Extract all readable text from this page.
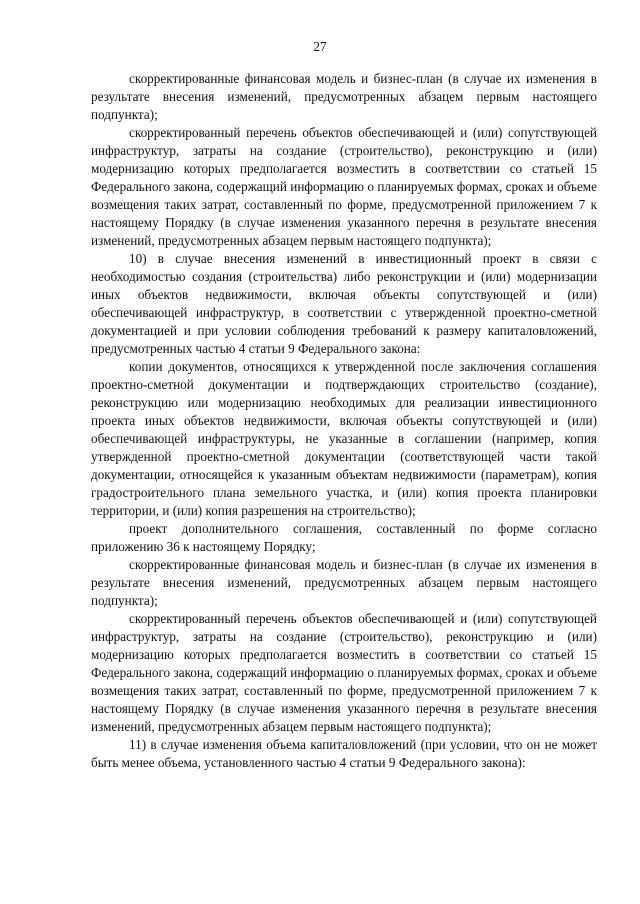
27

скорректированные финансовая модель и бизнес-план (в случае их изменения в результате внесения изменений, предусмотренных абзацем первым настоящего подпункта);

скорректированный перечень объектов обеспечивающей и (или) сопутствующей инфраструктур, затраты на создание (строительство), реконструкцию и (или) модернизацию которых предполагается возместить в соответствии со статьей 15 Федерального закона, содержащий информацию о планируемых формах, сроках и объеме возмещения таких затрат, составленный по форме, предусмотренной приложением 7 к настоящему Порядку (в случае изменения указанного перечня в результате внесения изменений, предусмотренных абзацем первым настоящего подпункта);

10) в случае внесения изменений в инвестиционный проект в связи с необходимостью создания (строительства) либо реконструкции и (или) модернизации иных объектов недвижимости, включая объекты сопутствующей и (или) обеспечивающей инфраструктур, в соответствии с утвержденной проектно-сметной документацией и при условии соблюдения требований к размеру капиталовложений, предусмотренных частью 4 статьи 9 Федерального закона:

копии документов, относящихся к утвержденной после заключения соглашения проектно-сметной документации и подтверждающих строительство (создание), реконструкцию или модернизацию необходимых для реализации инвестиционного проекта иных объектов недвижимости, включая объекты сопутствующей и (или) обеспечивающей инфраструктуры, не указанные в соглашении (например, копия утвержденной проектно-сметной документации (соответствующей части такой документации, относящейся к указанным объектам недвижимости (параметрам), копия градостроительного плана земельного участка, и (или) копия проекта планировки территории, и (или) копия разрешения на строительство);

проект дополнительного соглашения, составленный по форме согласно приложению 36 к настоящему Порядку;

скорректированные финансовая модель и бизнес-план (в случае их изменения в результате внесения изменений, предусмотренных абзацем первым настоящего подпункта);

скорректированный перечень объектов обеспечивающей и (или) сопутствующей инфраструктур, затраты на создание (строительство), реконструкцию и (или) модернизацию которых предполагается возместить в соответствии со статьей 15 Федерального закона, содержащий информацию о планируемых формах, сроках и объеме возмещения таких затрат, составленный по форме, предусмотренной приложением 7 к настоящему Порядку (в случае изменения указанного перечня в результате внесения изменений, предусмотренных абзацем первым настоящего подпункта);

11) в случае изменения объема капиталовложений (при условии, что он не может быть менее объема, установленного частью 4 статьи 9 Федерального закона):
